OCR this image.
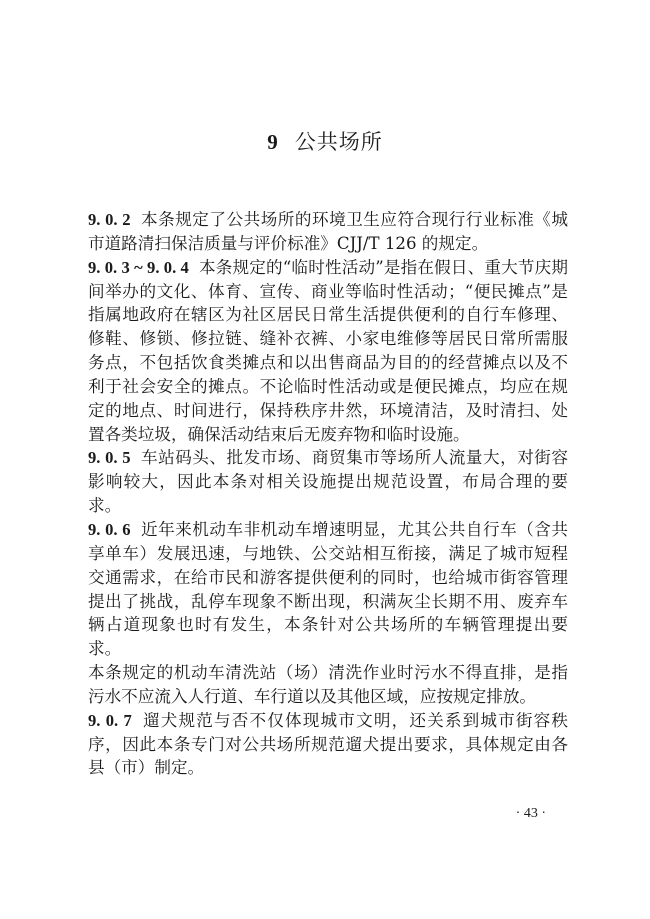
9 公共场所

9. 0. 2 本条规定了公共场所的环境卫生应符合现行行业标准《城市道路清扫保洁质量与评价标准》CJJ/T 126 的规定。

9. 0. 3 ~ 9. 0. 4 本条规定的“临时性活动”是指在假日、重大节庆期间举办的文化、体育、宣传、商业等临时性活动；“便民摊点”是指属地政府在辖区为社区居民日常生活提供便利的自行车修理、修鞋、修锁、修拉链、缝补衣裤、小家电维修等居民日常所需服务点，不包括饮食类摊点和以出售商品为目的的经营摊点以及不利于社会安全的摊点。不论临时性活动或是便民摊点，均应在规定的地点、时间进行，保持秩序井然，环境清洁，及时清扫、处置各类垃圾，确保活动结束后无废弃物和临时设施。

9. 0. 5 车站码头、批发市场、商贸集市等场所人流量大，对街容影响较大，因此本条对相关设施提出规范设置，布局合理的要求。

9. 0. 6 近年来机动车非机动车增速明显，尤其公共自行车（含共享单车）发展迅速，与地铁、公交站相互衔接，满足了城市短程交通需求，在给市民和游客提供便利的同时，也给城市街容管理提出了挑战，乱停车现象不断出现，积满灰尘长期不用、废弃车辆占道现象也时有发生，本条针对公共场所的车辆管理提出要求。

本条规定的机动车清洗站（场）清洗作业时污水不得直排，是指污水不应流入人行道、车行道以及其他区域，应按规定排放。

9. 0. 7 遛犬规范与否不仅体现城市文明，还关系到城市街容秩序，因此本条专门对公共场所规范遛犬提出要求，具体规定由各县（市）制定。

· 43 ·
